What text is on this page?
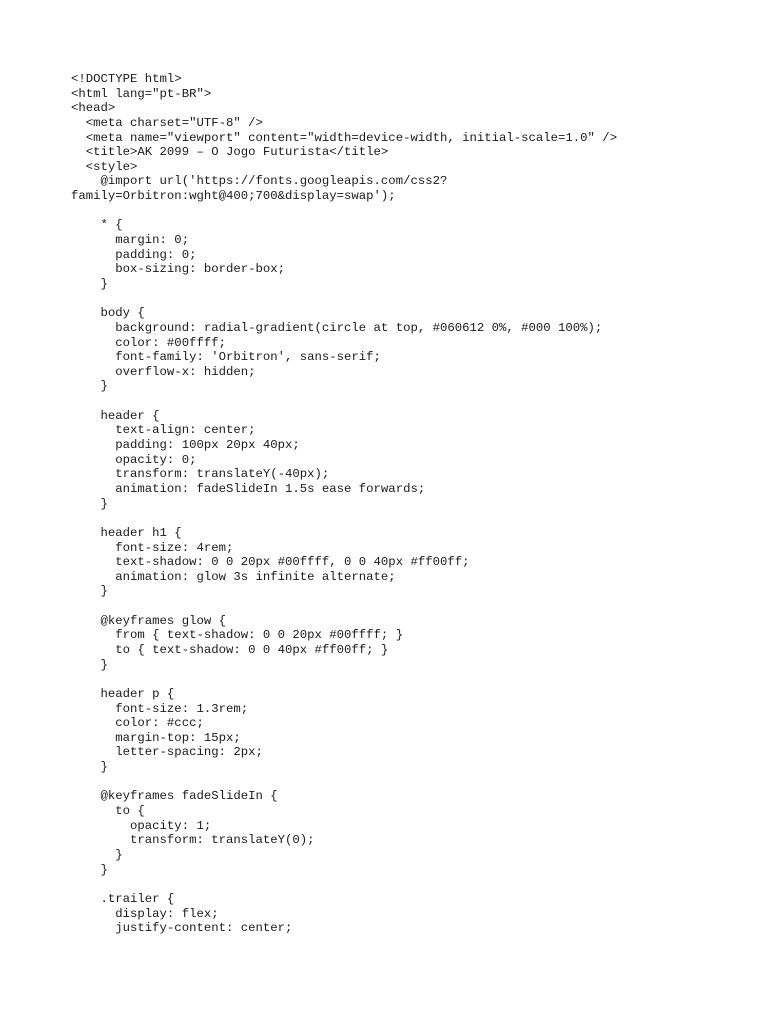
<!DOCTYPE html>
<html lang="pt-BR">
<head>
<meta charset="UTF-8" />
<meta name="viewport" content="width=device-width, initial-scale=1.0" />
<title>AK 2099 – O Jogo Futurista</title>
<style>
@import url('https://fonts.googleapis.com/css2?
family=Orbitron:wght@400;700&display=swap');
* {
margin: 0;
padding: 0;
box-sizing: border-box;
}
body {
background: radial-gradient(circle at top, #060612 0%, #000 100%);
color: #00ffff;
font-family: 'Orbitron', sans-serif;
overflow-x: hidden;
}
header {
text-align: center;
padding: 100px 20px 40px;
opacity: 0;
transform: translateY(-40px);
animation: fadeSlideIn 1.5s ease forwards;
}
header h1 {
font-size: 4rem;
text-shadow: 0 0 20px #00ffff, 0 0 40px #ff00ff;
animation: glow 3s infinite alternate;
}
@keyframes glow {
from { text-shadow: 0 0 20px #00ffff; }
to { text-shadow: 0 0 40px #ff00ff; }
}
header p {
font-size: 1.3rem;
color: #ccc;
margin-top: 15px;
letter-spacing: 2px;
}
@keyframes fadeSlideIn {
to {
opacity: 1;
transform: translateY(0);
}
}
.trailer {
display: flex;
justify-content: center;
